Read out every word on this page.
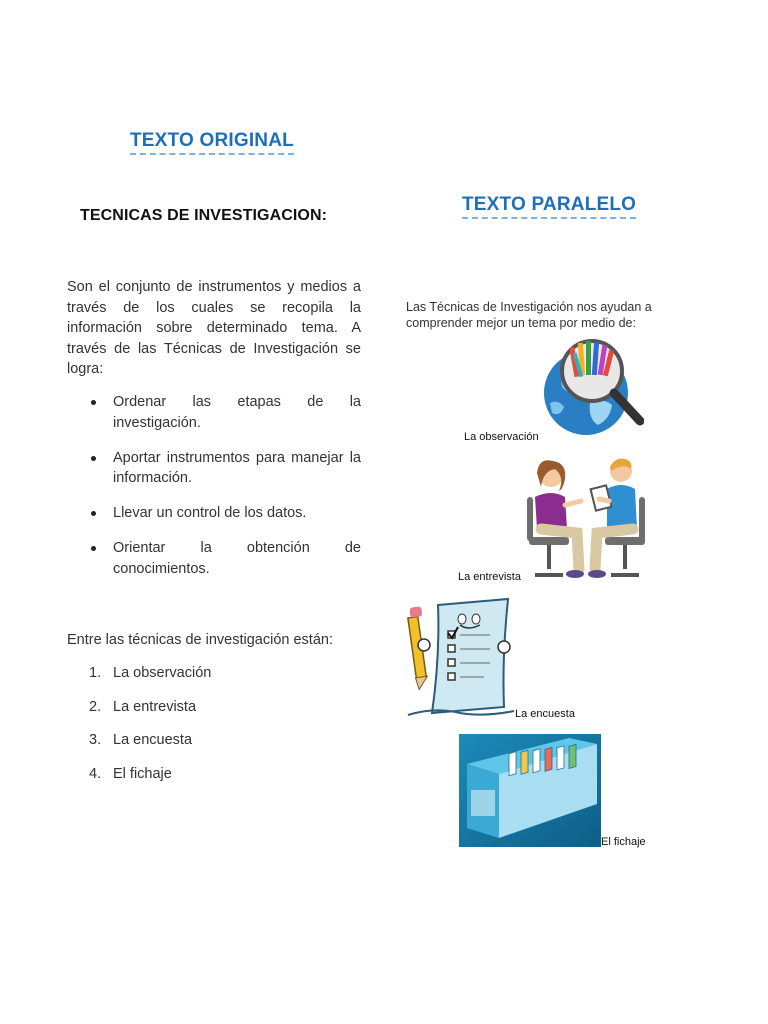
TEXTO ORIGINAL
TEXTO PARALELO
TECNICAS DE INVESTIGACION:
Son el conjunto de instrumentos y medios a través de los cuales se recopila la información sobre determinado tema. A través de las Técnicas de Investigación se logra:
Ordenar las etapas de la investigación.
Aportar instrumentos para manejar la información.
Llevar un control de los datos.
Orientar la obtención de conocimientos.
Entre las técnicas de investigación están:
1. La observación
2. La entrevista
3. La encuesta
4. El fichaje
Las Técnicas de Investigación nos ayudan a comprender mejor un tema por medio de:
La observación
La entrevista
La encuesta
El fichaje
